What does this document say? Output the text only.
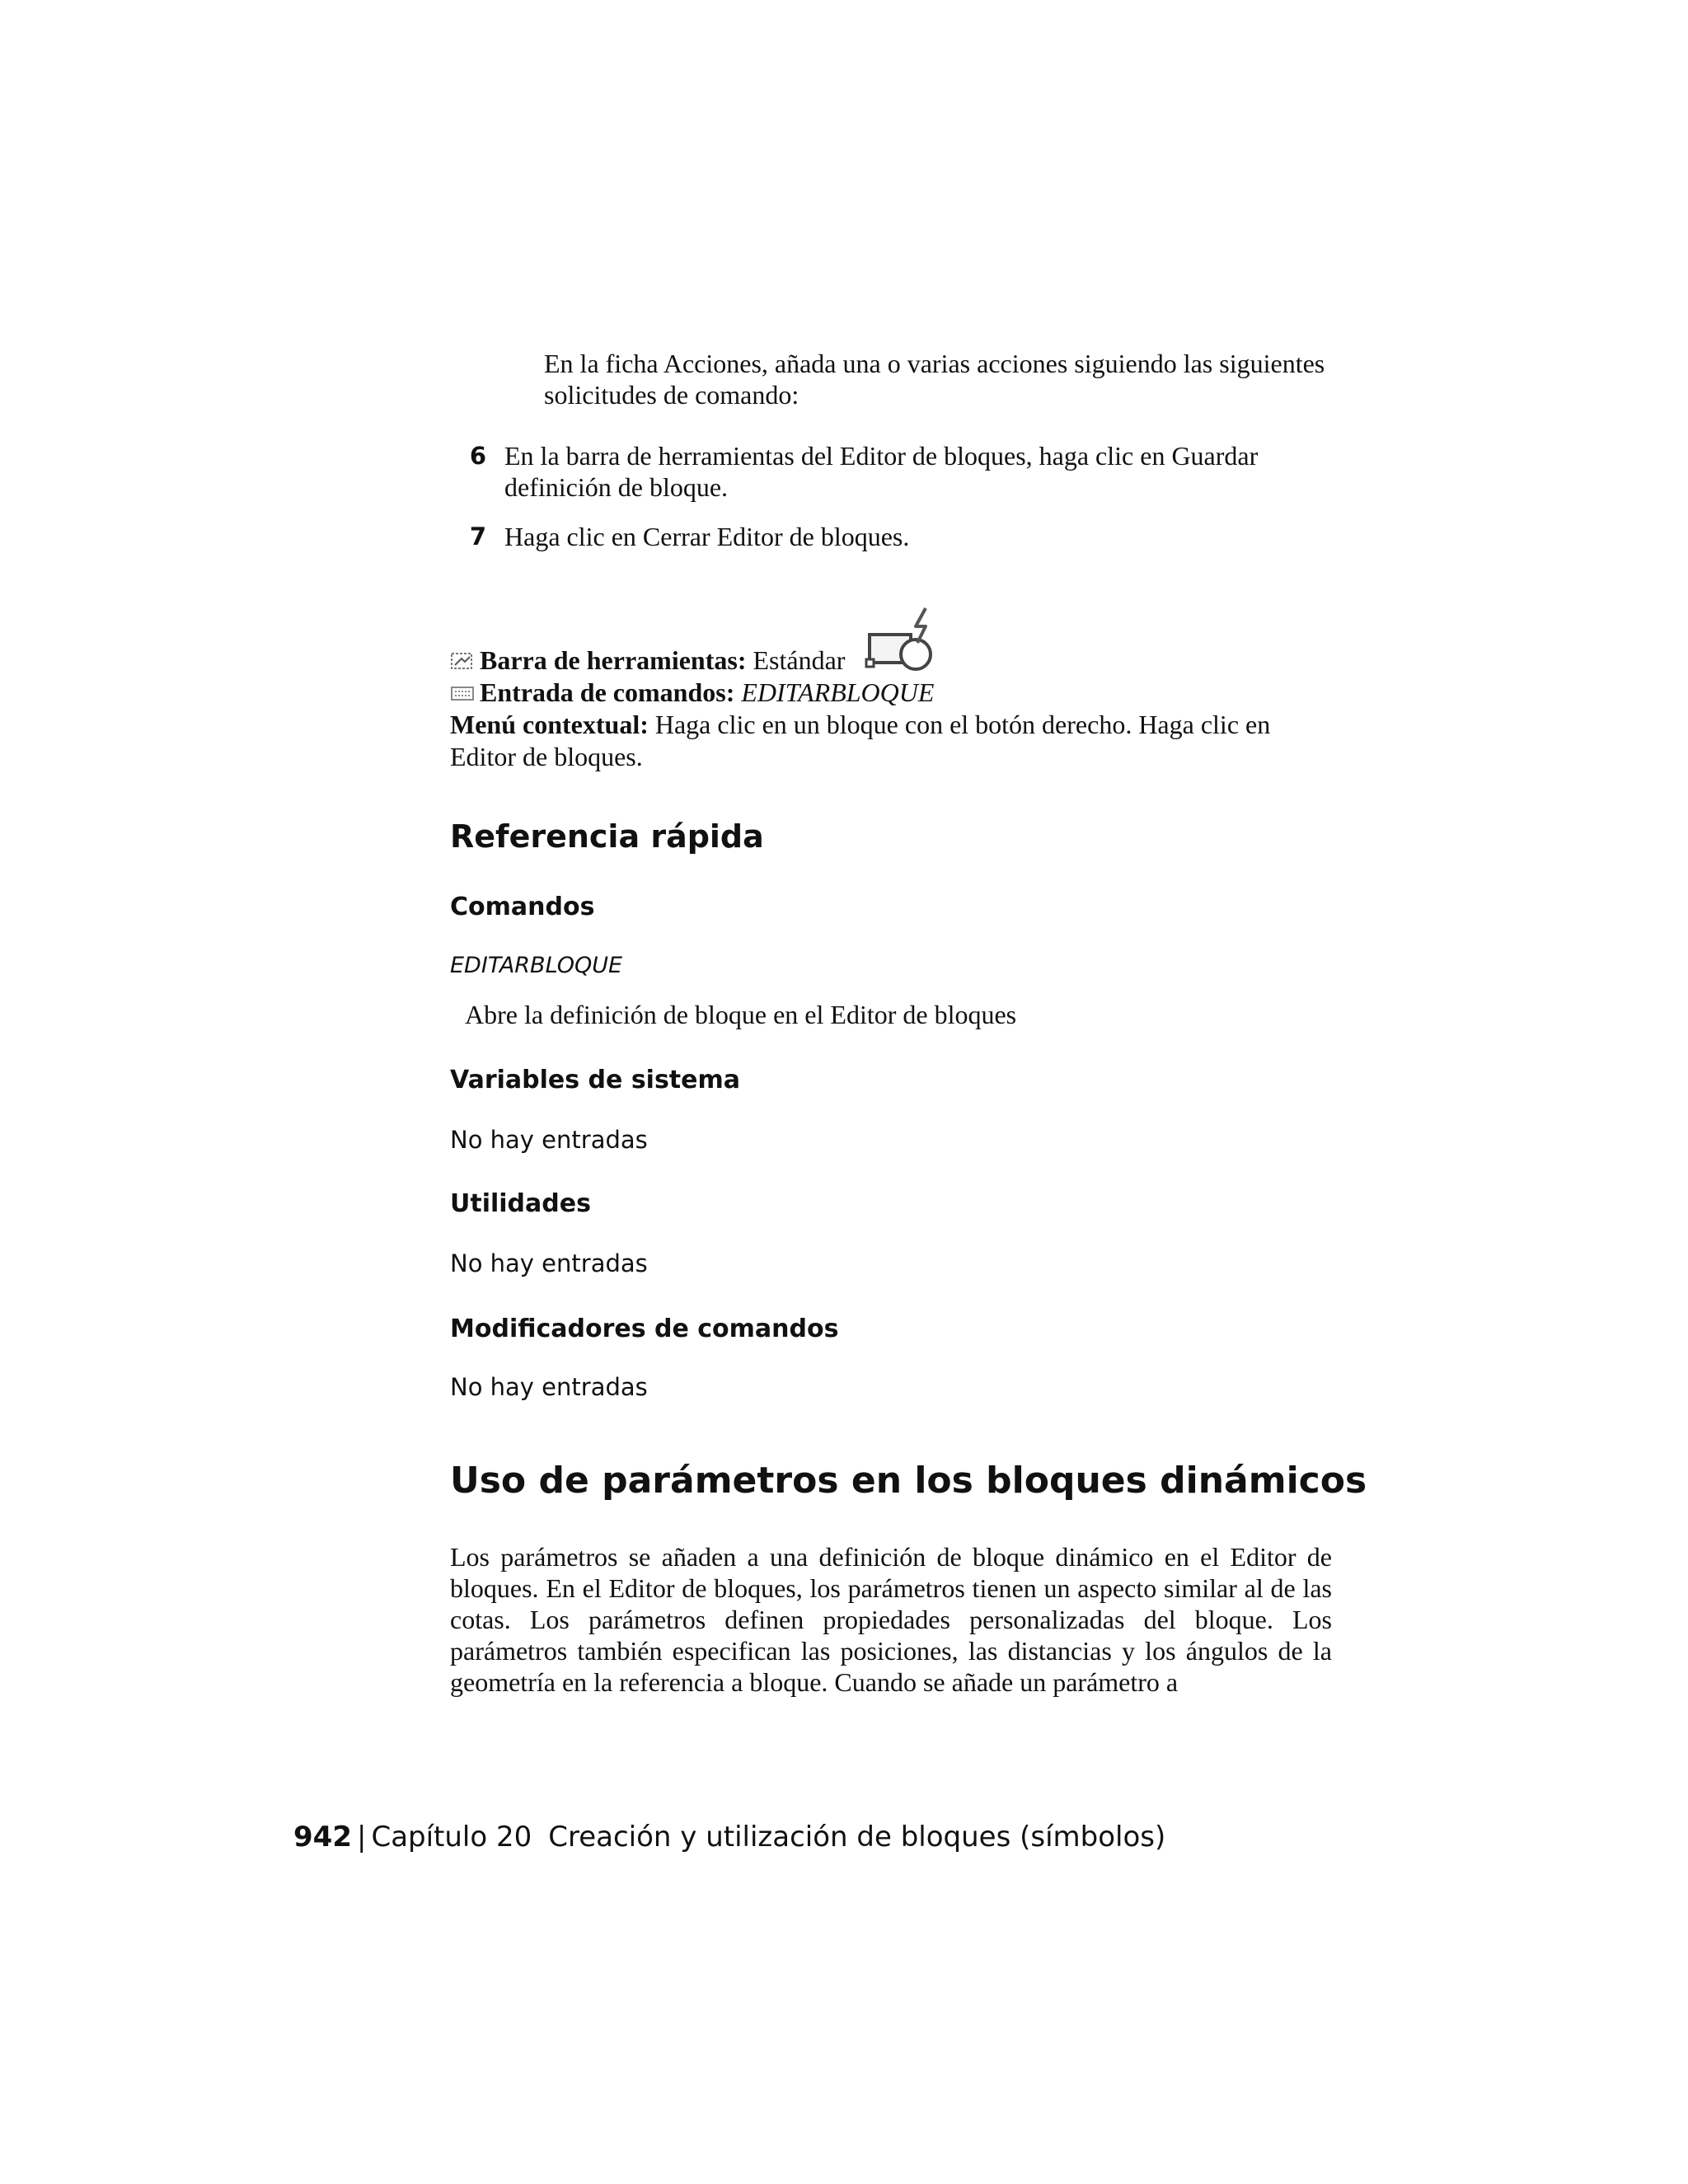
En la ficha Acciones, añada una o varias acciones siguiendo las siguientes solicitudes de comando:
6 En la barra de herramientas del Editor de bloques, haga clic en Guardar definición de bloque.
7 Haga clic en Cerrar Editor de bloques.
Barra de herramientas: Estándar
Entrada de comandos: EDITARBLOQUE
Menú contextual: Haga clic en un bloque con el botón derecho. Haga clic en Editor de bloques.
Referencia rápida
Comandos
EDITARBLOQUE
Abre la definición de bloque en el Editor de bloques
Variables de sistema
No hay entradas
Utilidades
No hay entradas
Modificadores de comandos
No hay entradas
Uso de parámetros en los bloques dinámicos
Los parámetros se añaden a una definición de bloque dinámico en el Editor de bloques. En el Editor de bloques, los parámetros tienen un aspecto similar al de las cotas. Los parámetros definen propiedades personalizadas del bloque. Los parámetros también especifican las posiciones, las distancias y los ángulos de la geometría en la referencia a bloque. Cuando se añade un parámetro a
942 | Capítulo 20 Creación y utilización de bloques (símbolos)
